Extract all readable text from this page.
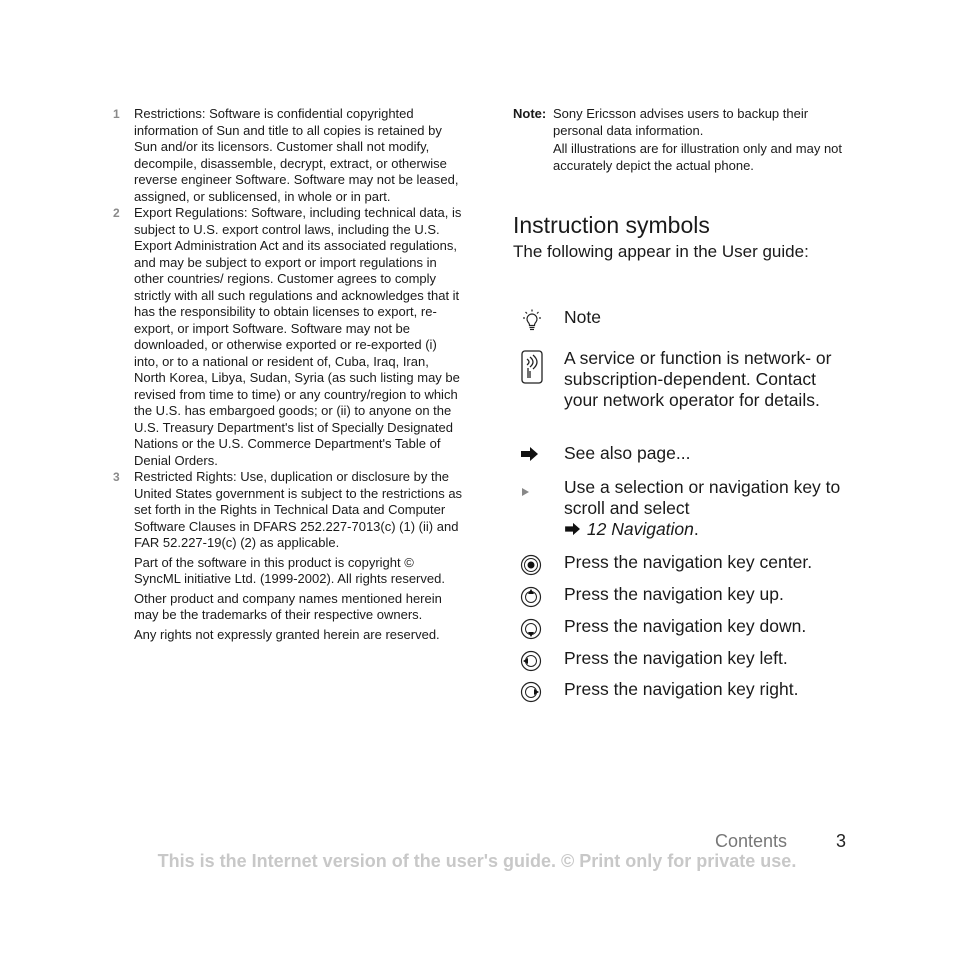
1 Restrictions: Software is confidential copyrighted information of Sun and title to all copies is retained by Sun and/or its licensors. Customer shall not modify, decompile, disassemble, decrypt, extract, or otherwise reverse engineer Software. Software may not be leased, assigned, or sublicensed, in whole or in part.
2 Export Regulations: Software, including technical data, is subject to U.S. export control laws, including the U.S. Export Administration Act and its associated regulations, and may be subject to export or import regulations in other countries/ regions. Customer agrees to comply strictly with all such regulations and acknowledges that it has the responsibility to obtain licenses to export, re-export, or import Software. Software may not be downloaded, or otherwise exported or re-exported (i) into, or to a national or resident of, Cuba, Iraq, Iran, North Korea, Libya, Sudan, Syria (as such listing may be revised from time to time) or any country/region to which the U.S. has embargoed goods; or (ii) to anyone on the U.S. Treasury Department's list of Specially Designated Nations or the U.S. Commerce Department's Table of Denial Orders.
3 Restricted Rights: Use, duplication or disclosure by the United States government is subject to the restrictions as set forth in the Rights in Technical Data and Computer Software Clauses in DFARS 252.227-7013(c) (1) (ii) and FAR 52.227-19(c) (2) as applicable.
Part of the software in this product is copyright © SyncML initiative Ltd. (1999-2002). All rights reserved.
Other product and company names mentioned herein may be the trademarks of their respective owners.
Any rights not expressly granted herein are reserved.
Note: Sony Ericsson advises users to backup their personal data information.
All illustrations are for illustration only and may not accurately depict the actual phone.
Instruction symbols
The following appear in the User guide:
Note
A service or function is network- or subscription-dependent. Contact your network operator for details.
See also page...
Use a selection or navigation key to scroll and select
12 Navigation.
Press the navigation key center.
Press the navigation key up.
Press the navigation key down.
Press the navigation key left.
Press the navigation key right.
Contents	3
This is the Internet version of the user's guide. © Print only for private use.
